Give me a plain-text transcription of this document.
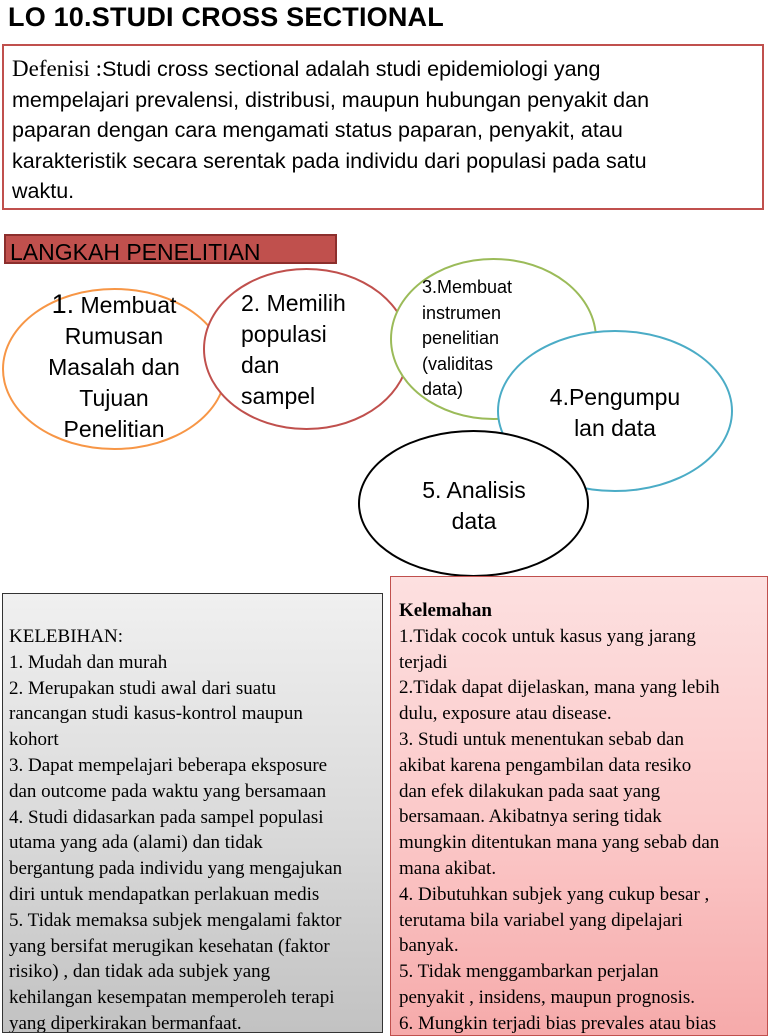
LO 10.STUDI CROSS SECTIONAL
Defenisi :Studi cross sectional adalah studi epidemiologi yang
mempelajari prevalensi, distribusi, maupun hubungan penyakit dan
paparan dengan cara mengamati status paparan, penyakit, atau
karakteristik secara serentak pada individu dari populasi pada satu
waktu.
LANGKAH PENELITIAN
1. Membuat
Rumusan
Masalah dan
Tujuan
Penelitian
2. Memilih
populasi
dan
sampel
3.Membuat
instrumen
penelitian
(validitas
data)	4.Pengumpu
lan data
5. Analisis
data
KELEBIHAN:
1. Mudah dan murah
2. Merupakan studi awal dari suatu
rancangan studi kasus-kontrol maupun
kohort
3. Dapat mempelajari beberapa eksposure
dan outcome pada waktu yang bersamaan
4. Studi didasarkan pada sampel populasi
utama yang ada (alami) dan tidak
bergantung pada individu yang mengajukan
diri untuk mendapatkan perlakuan medis
5. Tidak memaksa subjek mengalami faktor
yang bersifat merugikan kesehatan (faktor
risiko) , dan tidak ada subjek yang
kehilangan kesempatan memperoleh terapi
yang diperkirakan bermanfaat.
Kelemahan
1.Tidak cocok untuk kasus yang jarang
terjadi
2.Tidak dapat dijelaskan, mana yang lebih
dulu, exposure atau disease.
3. Studi untuk menentukan sebab dan
akibat karena pengambilan data resiko
dan efek dilakukan pada saat yang
bersamaan. Akibatnya sering tidak
mungkin ditentukan mana yang sebab dan
mana akibat.
4. Dibutuhkan subjek yang cukup besar ,
terutama bila variabel yang dipelajari
banyak.
5. Tidak menggambarkan perjalan
penyakit , insidens, maupun prognosis.
6. Mungkin terjadi bias prevales atau bias
